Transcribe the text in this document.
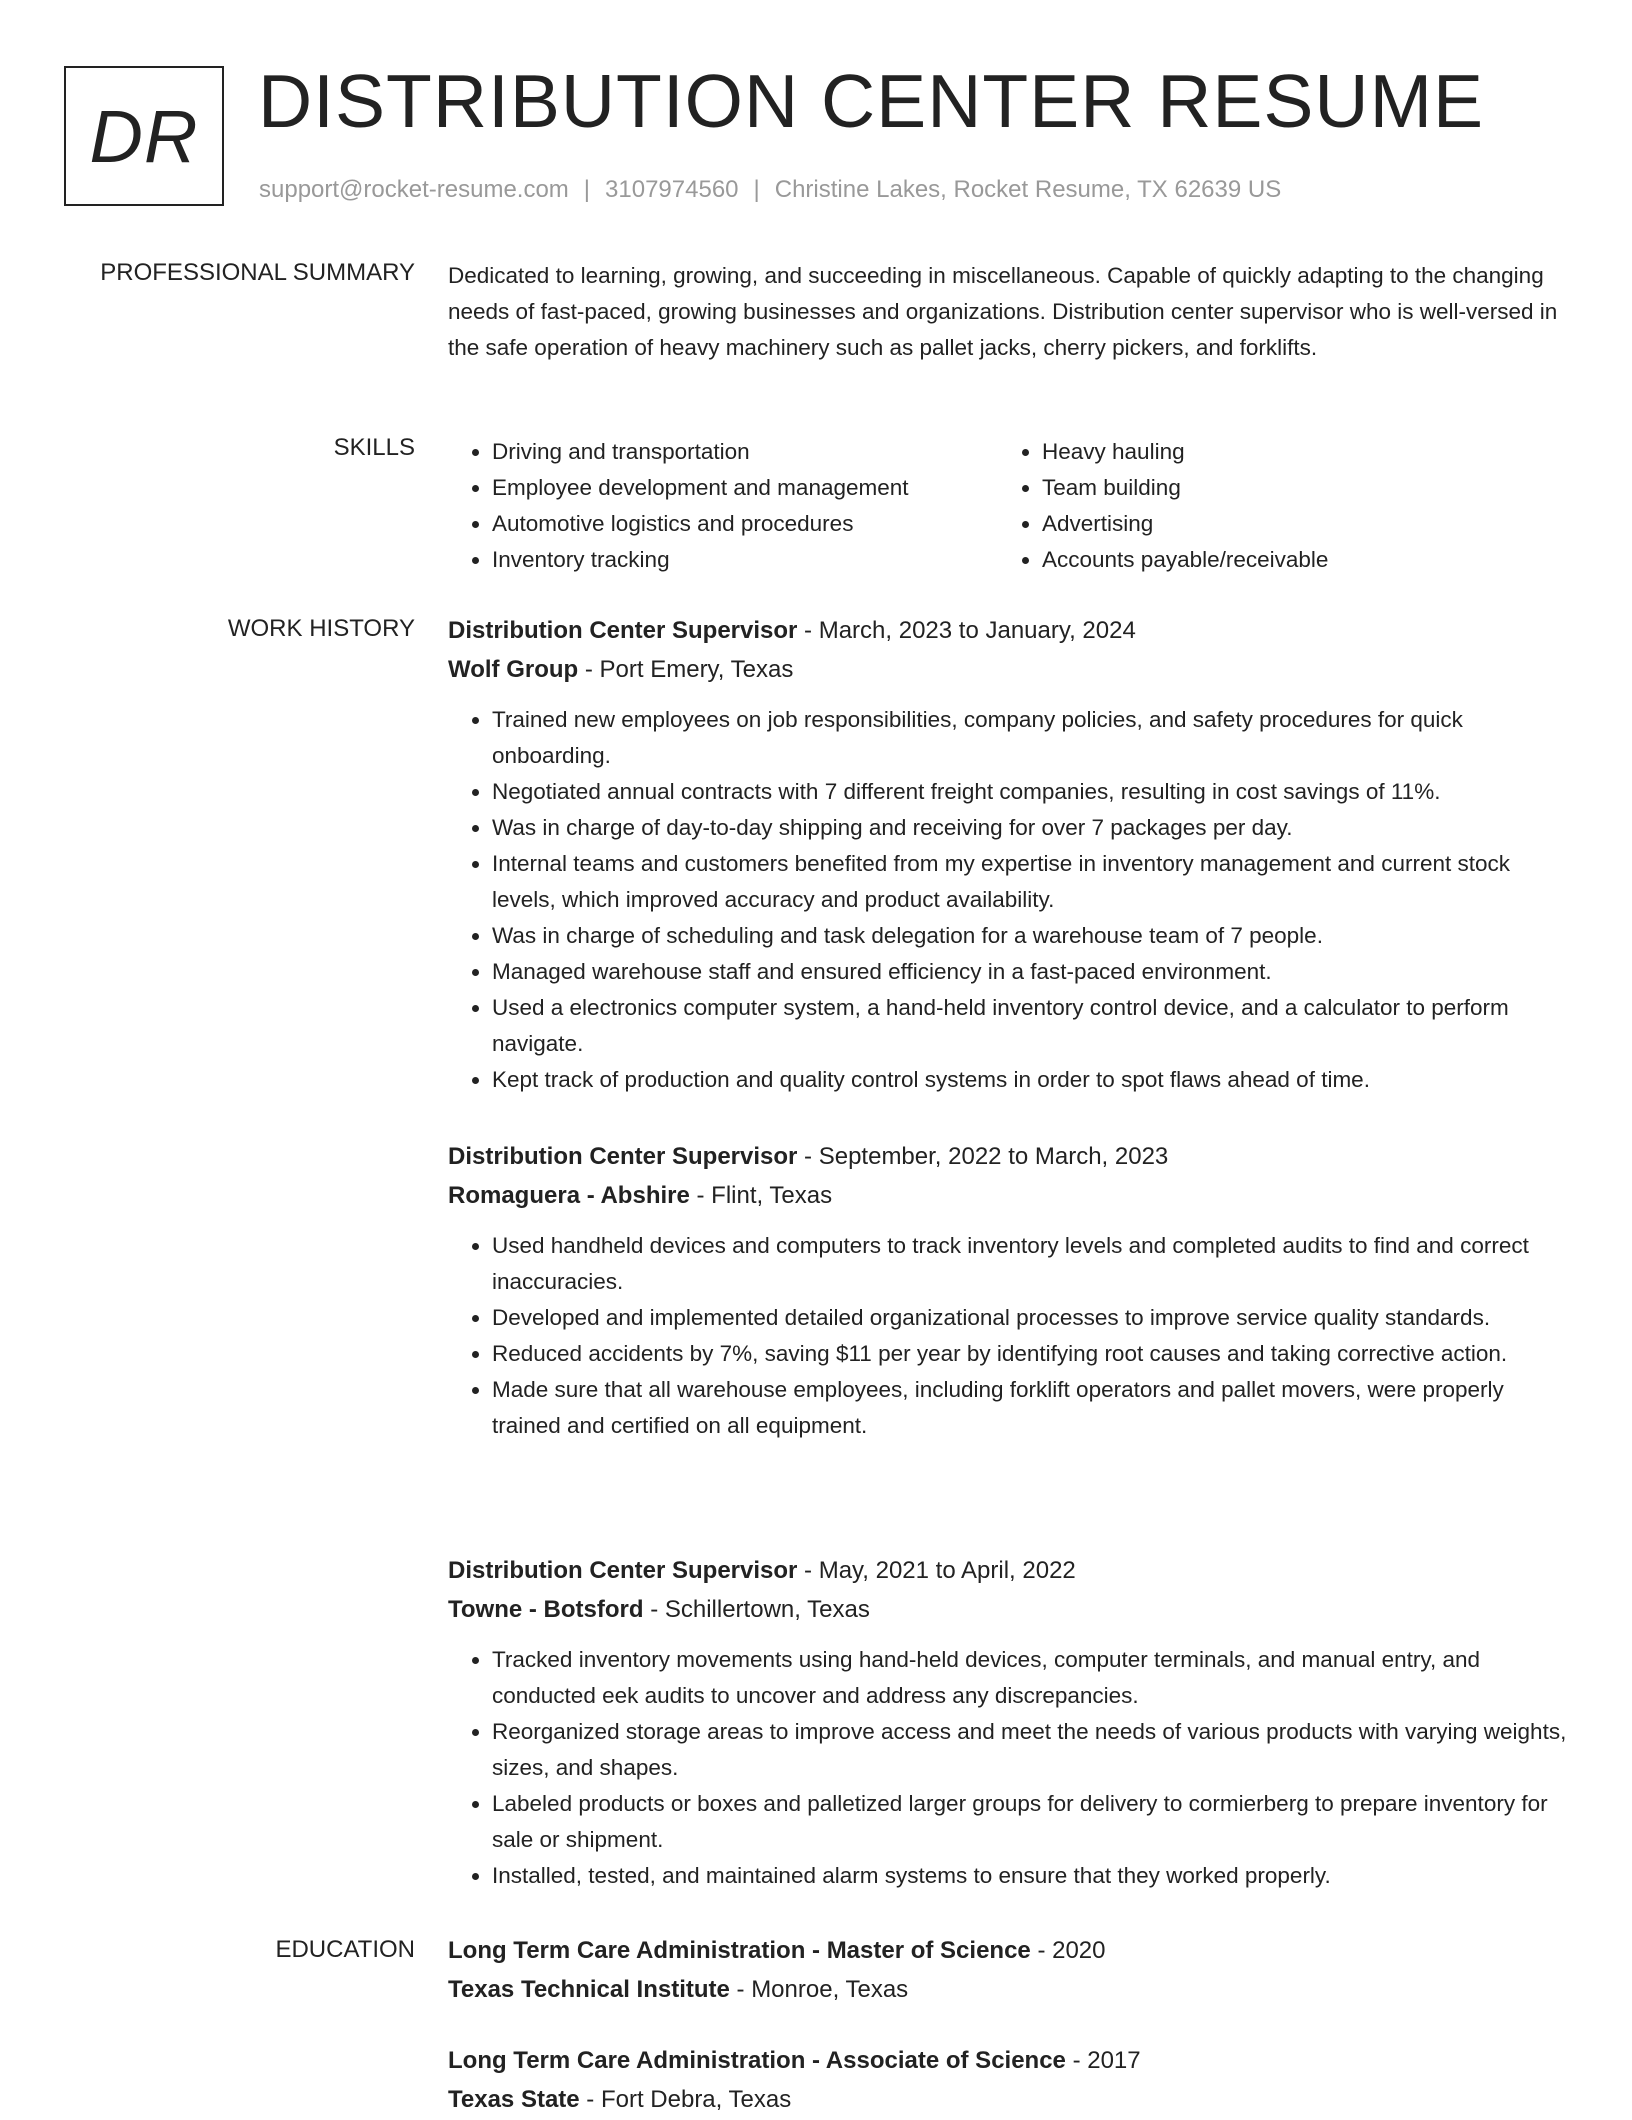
DR DISTRIBUTION CENTER RESUME
support@rocket-resume.com | 3107974560 | Christine Lakes, Rocket Resume, TX 62639 US
PROFESSIONAL SUMMARY Dedicated to learning, growing, and succeeding in miscellaneous. Capable of quickly adapting to the changing needs of fast-paced, growing businesses and organizations. Distribution center supervisor who is well-versed in the safe operation of heavy machinery such as pallet jacks, cherry pickers, and forklifts.

SKILLS
•	Driving and transportation
• Employee development and management
• Automotive logistics and procedures
• Inventory tracking
• Heavy hauling
• Team building
• Advertising
• Accounts payable/receivable
WORK HISTORY Distribution Center Supervisor - March, 2023 to January, 2024
Wolf Group - Port Emery, Texas
• Trained new employees on job responsibilities, company policies, and safety procedures for quick onboarding.
• Negotiated annual contracts with 7 different freight companies, resulting in cost savings of 11%.
• Was in charge of day-to-day shipping and receiving for over 7 packages per day.
• Internal teams and customers benefited from my expertise in inventory management and current stock levels, which improved accuracy and product availability.
• Was in charge of scheduling and task delegation for a warehouse team of 7 people.
• Managed warehouse staff and ensured efficiency in a fast-paced environment.
• Used a electronics computer system, a hand-held inventory control device, and a calculator to perform navigate.
• Kept track of production and quality control systems in order to spot flaws ahead of time.
Distribution Center Supervisor - September, 2022 to March, 2023
Romaguera - Abshire - Flint, Texas
• Used handheld devices and computers to track inventory levels and completed audits to find and correct inaccuracies.
• Developed and implemented detailed organizational processes to improve service quality standards.
• Reduced accidents by 7%, saving $11 per year by identifying root causes and taking corrective action.
• Made sure that all warehouse employees, including forklift operators and pallet movers, were properly trained and certified on all equipment.
Distribution Center Supervisor - May, 2021 to April, 2022
Towne - Botsford - Schillertown, Texas
• Tracked inventory movements using hand-held devices, computer terminals, and manual entry, and conducted eek audits to uncover and address any discrepancies.
• Reorganized storage areas to improve access and meet the needs of various products with varying weights, sizes, and shapes.
• Labeled products or boxes and palletized larger groups for delivery to cormierberg to prepare inventory for sale or shipment.
• Installed, tested, and maintained alarm systems to ensure that they worked properly.
EDUCATION Long Term Care Administration - Master of Science - 2020
Texas Technical Institute - Monroe, Texas
Long Term Care Administration - Associate of Science - 2017
Texas State - Fort Debra, Texas
